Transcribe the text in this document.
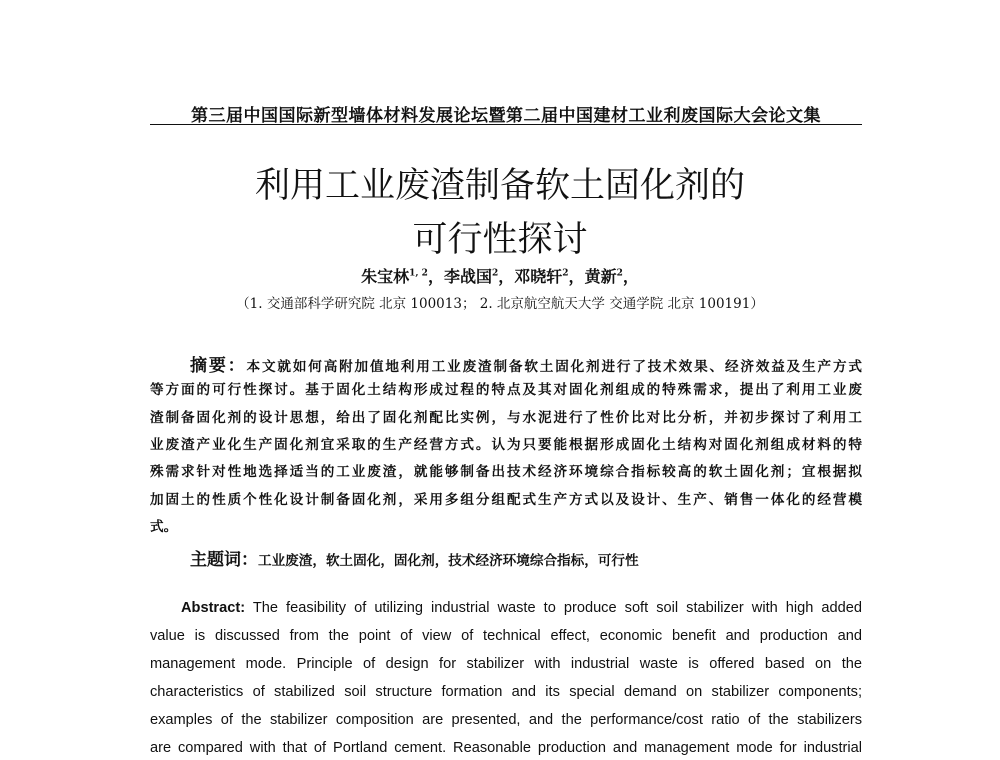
第三届中国国际新型墙体材料发展论坛暨第二届中国建材工业利废国际大会论文集
利用工业废渣制备软土固化剂的
可行性探讨
朱宝林$^{1, 2}$，李战国$^2$，邓晓轩$^2$，黄新$^2$，
（1. 交通部科学研究院 北京 100013； 2. 北京航空航天大学 交通学院 北京 100191）
摘要：本文就如何高附加值地利用工业废渣制备软土固化剂进行了技术效果、经济效益及生产方式
等方面的可行性探讨。基于固化土结构形成过程的特点及其对固化剂组成的特殊需求，提出了利用工业废
渣制备固化剂的设计思想，给出了固化剂配比实例，与水泥进行了性价比对比分析，并初步探讨了利用工
业废渣产业化生产固化剂宜采取的生产经营方式。认为只要能根据形成固化土结构对固化剂组成材料的特
殊需求针对性地选择适当的工业废渣，就能够制备出技术经济环境综合指标较高的软土固化剂；宜根据拟
加固土的性质个性化设计制备固化剂，采用多组分组配式生产方式以及设计、生产、销售一体化的经营模
式。
主题词：工业废渣，软土固化，固化剂，技术经济环境综合指标，可行性
Abstract: The feasibility of utilizing industrial waste to produce soft soil stabilizer with high added
value is discussed from the point of view of technical effect, economic benefit and production and
management mode. Principle of design for stabilizer with industrial waste is offered based on the
characteristics of stabilized soil structure formation and its special demand on stabilizer components;
examples of the stabilizer composition are presented, and the performance/cost ratio of the stabilizers
are compared with that of Portland cement. Reasonable production and management mode for industrial
